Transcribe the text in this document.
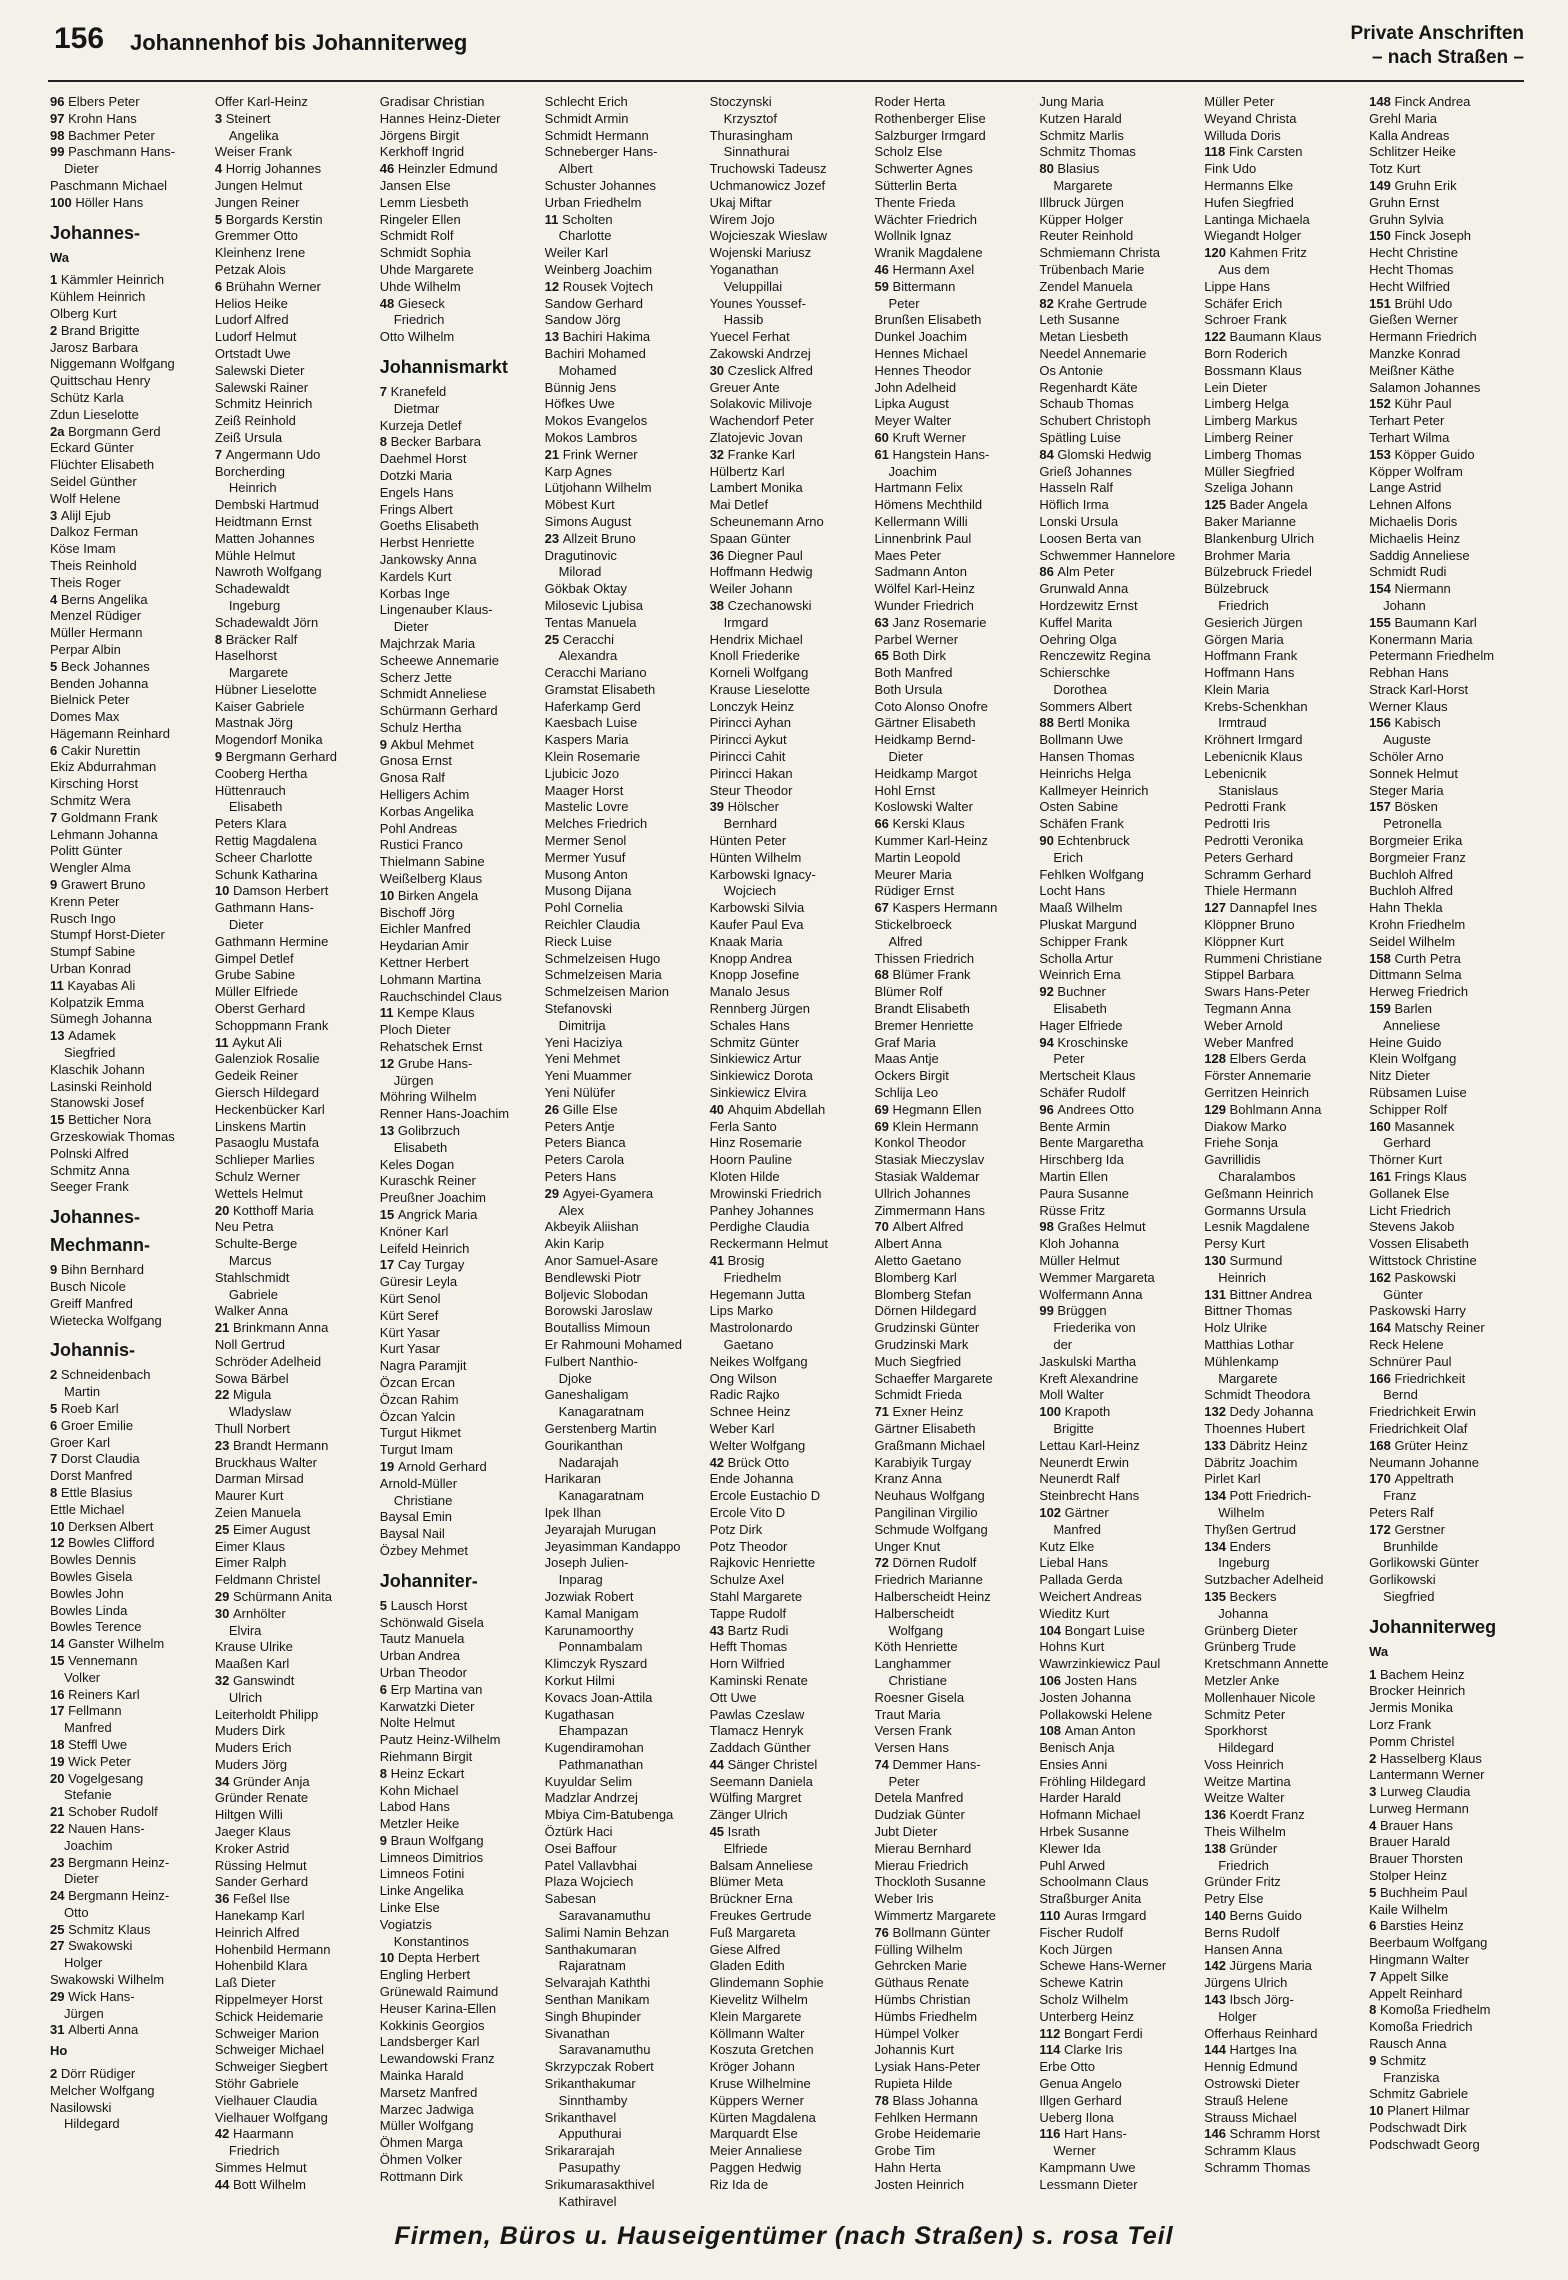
156 Johannenhof bis Johanniterweg	Private Anschriften
– nach Straßen –
96 Elbers Peter
97 Krohn Hans
98 Bachmer Peter
99 Paschmann Hans-
Dieter
Paschmann Michael
100 Höller Hans
Johannes-
Wa
1 Kämmler Heinrich
Kühlem Heinrich
Olberg Kurt
2 Brand Brigitte
Jarosz Barbara
Niggemann Wolfgang
Quittschau Henry
Schütz Karla
Zdun Lieselotte
2a Borgmann Gerd
Eckard Günter
Flüchter Elisabeth
Seidel Günther
Wolf Helene
3 Alijl Ejub
Dalkoz Ferman
Köse Imam
Theis Reinhold
Theis Roger
4 Berns Angelika
Menzel Rüdiger
Müller Hermann
Perpar Albin
5 Beck Johannes
Benden Johanna
Bielnick Peter
Domes Max
Hägemann Reinhard
6 Cakir Nurettin
Ekiz Abdurrahman
Kirsching Horst
Schmitz Wera
7 Goldmann Frank
Lehmann Johanna
Politt Günter
Wengler Alma
9 Grawert Bruno
Krenn Peter
Rusch Ingo
Stumpf Horst-Dieter
Stumpf Sabine
Urban Konrad
11 Kayabas Ali
Kolpatzik Emma
Sümegh Johanna
13 Adamek
Siegfried
Klaschik Johann
Lasinski Reinhold
Stanowski Josef
15 Betticher Nora
Grzeskowiak Thomas
Polnski Alfred
Schmitz Anna
Seeger Frank
Johannes-
Mechmann-
9 Bihn Bernhard
Busch Nicole
Greiff Manfred
Wietecka Wolfgang
Johannis-
2 Schneidenbach
Martin
5 Roeb Karl
6 Groer Emilie
Groer Karl
7 Dorst Claudia
Dorst Manfred
8 Ettle Blasius
Ettle Michael
10 Derksen Albert
12 Bowles Clifford
Bowles Dennis
Bowles Gisela
Bowles John
Bowles Linda
Bowles Terence
14 Ganster Wilhelm
15 Vennemann
Volker
16 Reiners Karl
17 Fellmann
Manfred
18 Steffl Uwe
19 Wick Peter
20 Vogelgesang
Stefanie
21 Schober Rudolf
22 Nauen Hans-
Joachim
23 Bergmann Heinz-
Dieter
24 Bergmann Heinz-
Otto
25 Schmitz Klaus
27 Swakowski
Holger
Swakowski Wilhelm
29 Wick Hans-
Jürgen
31 Alberti Anna
Ho
2 Dörr Rüdiger
Melcher Wolfgang
Nasilowski
Hildegard
Offer Karl-Heinz
3 Steinert
Angelika
Weiser Frank
4 Horrig Johannes
Jungen Helmut
Jungen Reiner
5 Borgards Kerstin
Gremmer Otto
Kleinhenz Irene
Petzak Alois
6 Brühahn Werner
Helios Heike
Ludorf Alfred
Ludorf Helmut
Ortstadt Uwe
Salewski Dieter
Salewski Rainer
Schmitz Heinrich
Zeiß Reinhold
Zeiß Ursula
7 Angermann Udo
Borcherding
Heinrich
Dembski Hartmud
Heidtmann Ernst
Matten Johannes
Mühle Helmut
Nawroth Wolfgang
Schadewaldt
Ingeburg
Schadewaldt Jörn
8 Bräcker Ralf
Haselhorst
Margarete
Hübner Lieselotte
Kaiser Gabriele
Mastnak Jörg
Mogendorf Monika
9 Bergmann Gerhard
Cooberg Hertha
Hüttenrauch
Elisabeth
Peters Klara
Rettig Magdalena
Scheer Charlotte
Schunk Katharina
10 Damson Herbert
Gathmann Hans-
Dieter
Gathmann Hermine
Gimpel Detlef
Grube Sabine
Müller Elfriede
Oberst Gerhard
Schoppmann Frank
11 Aykut Ali
Galenziok Rosalie
Gedeik Reiner
Giersch Hildegard
Heckenbücker Karl
Linskens Martin
Pasaoglu Mustafa
Schlieper Marlies
Schulz Werner
Wettels Helmut
20 Kotthoff Maria
Neu Petra
Schulte-Berge
Marcus
Stahlschmidt
Gabriele
Walker Anna
21 Brinkmann Anna
Noll Gertrud
Schröder Adelheid
Sowa Bärbel
22 Migula
Wladyslaw
Thull Norbert
23 Brandt Hermann
Bruckhaus Walter
Darman Mirsad
Maurer Kurt
Zeien Manuela
25 Eimer August
Eimer Klaus
Eimer Ralph
Feldmann Christel
29 Schürmann Anita
30 Arnhölter
Elvira
Krause Ulrike
Maaßen Karl
32 Ganswindt
Ulrich
Leiterholdt Philipp
Muders Dirk
Muders Erich
Muders Jörg
34 Gründer Anja
Gründer Renate
Hiltgen Willi
Jaeger Klaus
Kroker Astrid
Rüssing Helmut
Sander Gerhard
36 Feßel Ilse
Hanekamp Karl
Heinrich Alfred
Hohenbild Hermann
Hohenbild Klara
Laß Dieter
Rippelmeyer Horst
Schick Heidemarie
Schweiger Marion
Schweiger Michael
Schweiger Siegbert
Stöhr Gabriele
Vielhauer Claudia
Vielhauer Wolfgang
42 Haarmann
Friedrich
Simmes Helmut
44 Bott Wilhelm
Gradisar Christian
Hannes Heinz-Dieter
Jörgens Birgit
Kerkhoff Ingrid
46 Heinzler Edmund
Jansen Else
Lemm Liesbeth
Ringeler Ellen
Schmidt Rolf
Schmidt Sophia
Uhde Margarete
Uhde Wilhelm
48 Gieseck
Friedrich
Otto Wilhelm
Johannismarkt
7 Kranefeld
Dietmar
Kurzeja Detlef
8 Becker Barbara
Daehmel Horst
Dotzki Maria
Engels Hans
Frings Albert
Goeths Elisabeth
Herbst Henriette
Jankowsky Anna
Kardels Kurt
Korbas Inge
Lingenauber Klaus-
Dieter
Majchrzak Maria
Scheewe Annemarie
Scherz Jette
Schmidt Anneliese
Schürmann Gerhard
Schulz Hertha
9 Akbul Mehmet
Gnosa Ernst
Gnosa Ralf
Helligers Achim
Korbas Angelika
Pohl Andreas
Rustici Franco
Thielmann Sabine
Weißelberg Klaus
10 Birken Angela
Bischoff Jörg
Eichler Manfred
Heydarian Amir
Kettner Herbert
Lohmann Martina
Rauchschindel Claus
11 Kempe Klaus
Ploch Dieter
Rehatschek Ernst
12 Grube Hans-
Jürgen
Möhring Wilhelm
Renner Hans-Joachim
13 Golibrzuch
Elisabeth
Keles Dogan
Kuraschk Reiner
Preußner Joachim
15 Angrick Maria
Knöner Karl
Leifeld Heinrich
17 Cay Turgay
Güresir Leyla
Kürt Senol
Kürt Seref
Kürt Yasar
Kurt Yasar
Nagra Paramjit
Özcan Ercan
Özcan Rahim
Özcan Yalcin
Turgut Hikmet
Turgut Imam
19 Arnold Gerhard
Arnold-Müller
Christiane
Baysal Emin
Baysal Nail
Özbey Mehmet
Johanniter-
5 Lausch Horst
Schönwald Gisela
Tautz Manuela
Urban Andrea
Urban Theodor
6 Erp Martina van
Karwatzki Dieter
Nolte Helmut
Pautz Heinz-Wilhelm
Riehmann Birgit
8 Heinz Eckart
Kohn Michael
Labod Hans
Metzler Heike
9 Braun Wolfgang
Limneos Dimitrios
Limneos Fotini
Linke Angelika
Linke Else
Vogiatzis
Konstantinos
10 Depta Herbert
Engling Herbert
Grünewald Raimund
Heuser Karina-Ellen
Kokkinis Georgios
Landsberger Karl
Lewandowski Franz
Mainka Harald
Marsetz Manfred
Marzec Jadwiga
Müller Wolfgang
Öhmen Marga
Öhmen Volker
Rottmann Dirk
Schlecht Erich
Schmidt Armin
Schmidt Hermann
Schneberger Hans-
Albert
Schuster Johannes
Urban Friedhelm
11 Scholten
Charlotte
Weiler Karl
Weinberg Joachim
12 Rousek Vojtech
Sandow Gerhard
Sandow Jörg
13 Bachiri Hakima
Bachiri Mohamed
Mohamed
Bünnig Jens
Höfkes Uwe
Mokos Evangelos
Mokos Lambros
21 Frink Werner
Karp Agnes
Lütjohann Wilhelm
Möbest Kurt
Simons August
23 Allzeit Bruno
Dragutinovic
Milorad
Gökbak Oktay
Milosevic Ljubisa
Tentas Manuela
25 Ceracchi
Alexandra
Ceracchi Mariano
Gramstat Elisabeth
Haferkamp Gerd
Kaesbach Luise
Kaspers Maria
Klein Rosemarie
Ljubicic Jozo
Maager Horst
Mastelic Lovre
Melches Friedrich
Mermer Senol
Mermer Yusuf
Musong Anton
Musong Dijana
Pohl Cornelia
Reichler Claudia
Rieck Luise
Schmelzeisen Hugo
Schmelzeisen Maria
Schmelzeisen Marion
Stefanovski
Dimitrija
Yeni Haciziya
Yeni Mehmet
Yeni Muammer
Yeni Nülüfer
26 Gille Else
Peters Antje
Peters Bianca
Peters Carola
Peters Hans
29 Agyei-Gyamera
Alex
Akbeyik Aliishan
Akin Karip
Anor Samuel-Asare
Bendlewski Piotr
Boljevic Slobodan
Borowski Jaroslaw
Boutalliss Mimoun
Er Rahmouni Mohamed
Fulbert Nanthio-
Djoke
Ganeshaligam
Kanagaratnam
Gerstenberg Martin
Gourikanthan
Nadarajah
Harikaran
Kanagaratnam
Ipek Ilhan
Jeyarajah Murugan
Jeyasimman Kandappo
Joseph Julien-
Inparag
Jozwiak Robert
Kamal Manigam
Karunamoorthy
Ponnambalam
Klimczyk Ryszard
Korkut Hilmi
Kovacs Joan-Attila
Kugathasan
Ehampazan
Kugendiramohan
Pathmanathan
Kuyuldar Selim
Madzlar Andrzej
Mbiya Cim-Batubenga
Öztürk Haci
Osei Baffour
Patel Vallavbhai
Plaza Wojciech
Sabesan
Saravanamuthu
Salimi Namin Behzan
Santhakumaran
Rajaratnam
Selvarajah Kaththi
Senthan Manikam
Singh Bhupinder
Sivanathan
Saravanamuthu
Skrzypczak Robert
Srikanthakumar
Sinnthamby
Srikanthavel
Apputhurai
Srikararajah
Pasupathy
Srikumarasakthivel
Kathiravel
Stoczynski
Krzysztof
Thurasingham
Sinnathurai
Truchowski Tadeusz
Uchmanowicz Jozef
Ukaj Miftar
Wirem Jojo
Wojcieszak Wieslaw
Wojenski Mariusz
Yoganathan
Veluppillai
Younes Youssef-
Hassib
Yuecel Ferhat
Zakowski Andrzej
30 Czeslick Alfred
Greuer Ante
Solakovic Milivoje
Wachendorf Peter
Zlatojevic Jovan
32 Franke Karl
Hülbertz Karl
Lambert Monika
Mai Detlef
Scheunemann Arno
Spaan Günter
36 Diegner Paul
Hoffmann Hedwig
Weiler Johann
38 Czechanowski
Irmgard
Hendrix Michael
Knoll Friederike
Korneli Wolfgang
Krause Lieselotte
Lonczyk Heinz
Pirincci Ayhan
Pirincci Aykut
Pirincci Cahit
Pirincci Hakan
Steur Theodor
39 Hölscher
Bernhard
Hünten Peter
Hünten Wilhelm
Karbowski Ignacy-
Wojciech
Karbowski Silvia
Kaufer Paul Eva
Knaak Maria
Knopp Andrea
Knopp Josefine
Manalo Jesus
Rennberg Jürgen
Schales Hans
Schmitz Günter
Sinkiewicz Artur
Sinkiewicz Dorota
Sinkiewicz Elvira
40 Ahquim Abdellah
Ferla Santo
Hinz Rosemarie
Hoorn Pauline
Kloten Hilde
Mrowinski Friedrich
Panhey Johannes
Perdighe Claudia
Reckermann Helmut
41 Brosig
Friedhelm
Hegemann Jutta
Lips Marko
Mastrolonardo
Gaetano
Neikes Wolfgang
Ong Wilson
Radic Rajko
Schnee Heinz
Weber Karl
Welter Wolfgang
42 Brück Otto
Ende Johanna
Ercole Eustachio D
Ercole Vito D
Potz Dirk
Potz Theodor
Rajkovic Henriette
Schulze Axel
Stahl Margarete
Tappe Rudolf
43 Bartz Rudi
Hefft Thomas
Horn Wilfried
Kaminski Renate
Ott Uwe
Pawlas Czeslaw
Tlamacz Henryk
Zaddach Günther
44 Sänger Christel
Seemann Daniela
Wülfing Margret
Zänger Ulrich
45 Israth
Elfriede
Balsam Anneliese
Blümer Meta
Brückner Erna
Freukes Gertrude
Fuß Margareta
Giese Alfred
Gladen Edith
Glindemann Sophie
Kievelitz Wilhelm
Klein Margarete
Köllmann Walter
Koszuta Gretchen
Kröger Johann
Kruse Wilhelmine
Küppers Werner
Kürten Magdalena
Marquardt Else
Meier Annaliese
Paggen Hedwig
Riz Ida de
Roder Herta
Rothenberger Elise
Salzburger Irmgard
Scholz Else
Schwerter Agnes
Sütterlin Berta
Thente Frieda
Wächter Friedrich
Wollnik Ignaz
Wranik Magdalene
46 Hermann Axel
59 Bittermann
Peter
Brunßen Elisabeth
Dunkel Joachim
Hennes Michael
Hennes Theodor
John Adelheid
Lipka August
Meyer Walter
60 Kruft Werner
61 Hangstein Hans-
Joachim
Hartmann Felix
Hömens Mechthild
Kellermann Willi
Linnenbrink Paul
Maes Peter
Sadmann Anton
Wölfel Karl-Heinz
Wunder Friedrich
63 Janz Rosemarie
Parbel Werner
65 Both Dirk
Both Manfred
Both Ursula
Coto Alonso Onofre
Gärtner Elisabeth
Heidkamp Bernd-
Dieter
Heidkamp Margot
Hohl Ernst
Koslowski Walter
66 Kerski Klaus
Kummer Karl-Heinz
Martin Leopold
Meurer Maria
Rüdiger Ernst
67 Kaspers Hermann
Stickelbroeck
Alfred
Thissen Friedrich
68 Blümer Frank
Blümer Rolf
Brandt Elisabeth
Bremer Henriette
Graf Maria
Maas Antje
Ockers Birgit
Schlija Leo
69 Hegmann Ellen
69 Klein Hermann
Konkol Theodor
Stasiak Mieczyslav
Stasiak Waldemar
Ullrich Johannes
Zimmermann Hans
70 Albert Alfred
Albert Anna
Aletto Gaetano
Blomberg Karl
Blomberg Stefan
Dörnen Hildegard
Grudzinski Günter
Grudzinski Mark
Much Siegfried
Schaeffer Margarete
Schmidt Frieda
71 Exner Heinz
Gärtner Elisabeth
Graßmann Michael
Karabiyik Turgay
Kranz Anna
Neuhaus Wolfgang
Pangilinan Virgilio
Schmude Wolfgang
Unger Knut
72 Dörnen Rudolf
Friedrich Marianne
Halberscheidt Heinz
Halberscheidt
Wolfgang
Köth Henriette
Langhammer
Christiane
Roesner Gisela
Traut Maria
Versen Frank
Versen Hans
74 Demmer Hans-
Peter
Detela Manfred
Dudziak Günter
Jubt Dieter
Mierau Bernhard
Mierau Friedrich
Thockloth Susanne
Weber Iris
Wimmertz Margarete
76 Bollmann Günter
Fülling Wilhelm
Gehrcken Marie
Güthaus Renate
Hümbs Christian
Hümbs Friedhelm
Hümpel Volker
Johannis Kurt
Lysiak Hans-Peter
Rupieta Hilde
78 Blass Johanna
Fehlken Hermann
Grobe Heidemarie
Grobe Tim
Hahn Herta
Josten Heinrich
Jung Maria
Kutzen Harald
Schmitz Marlis
Schmitz Thomas
80 Blasius
Margarete
Illbruck Jürgen
Küpper Holger
Reuter Reinhold
Schmiemann Christa
Trübenbach Marie
Zendel Manuela
82 Krahe Gertrude
Leth Susanne
Metan Liesbeth
Needel Annemarie
Os Antonie
Regenhardt Käte
Schaub Thomas
Schubert Christoph
Spätling Luise
84 Glomski Hedwig
Grieß Johannes
Hasseln Ralf
Höflich Irma
Lonski Ursula
Loosen Berta van
Schwemmer Hannelore
86 Alm Peter
Grunwald Anna
Hordzewitz Ernst
Kuffel Marita
Oehring Olga
Renczewitz Regina
Schierschke
Dorothea
Sommers Albert
88 Bertl Monika
Bollmann Uwe
Hansen Thomas
Heinrichs Helga
Kallmeyer Heinrich
Osten Sabine
Schäfen Frank
90 Echtenbruck
Erich
Fehlken Wolfgang
Locht Hans
Maaß Wilhelm
Pluskat Margund
Schipper Frank
Scholla Artur
Weinrich Erna
92 Buchner
Elisabeth
Hager Elfriede
94 Kroschinske
Peter
Mertscheit Klaus
Schäfer Rudolf
96 Andrees Otto
Bente Armin
Bente Margaretha
Hirschberg Ida
Martin Ellen
Paura Susanne
Rüsse Fritz
98 Graßes Helmut
Kloh Johanna
Müller Helmut
Wemmer Margareta
Wolfermann Anna
99 Brüggen
Friederika von
der
Jaskulski Martha
Kreft Alexandrine
Moll Walter
100 Krapoth
Brigitte
Lettau Karl-Heinz
Neunerdt Erwin
Neunerdt Ralf
Steinbrecht Hans
102 Gärtner
Manfred
Kutz Elke
Liebal Hans
Pallada Gerda
Weichert Andreas
Wieditz Kurt
104 Bongart Luise
Hohns Kurt
Wawrzinkiewicz Paul
106 Josten Hans
Josten Johanna
Pollakowski Helene
108 Aman Anton
Benisch Anja
Ensies Anni
Fröhling Hildegard
Harder Harald
Hofmann Michael
Hrbek Susanne
Klewer Ida
Puhl Arwed
Schoolmann Claus
Straßburger Anita
110 Auras Irmgard
Fischer Rudolf
Koch Jürgen
Schewe Hans-Werner
Schewe Katrin
Scholz Wilhelm
Unterberg Heinz
112 Bongart Ferdi
114 Clarke Iris
Erbe Otto
Genua Angelo
Illgen Gerhard
Ueberg Ilona
116 Hart Hans-
Werner
Kampmann Uwe
Lessmann Dieter
Müller Peter
Weyand Christa
Willuda Doris
118 Fink Carsten
Fink Udo
Hermanns Elke
Hufen Siegfried
Lantinga Michaela
Wiegandt Holger
120 Kahmen Fritz
Aus dem
Lippe Hans
Schäfer Erich
Schroer Frank
122 Baumann Klaus
Born Roderich
Bossmann Klaus
Lein Dieter
Limberg Helga
Limberg Markus
Limberg Reiner
Limberg Thomas
Müller Siegfried
Szeliga Johann
125 Bader Angela
Baker Marianne
Blankenburg Ulrich
Brohmer Maria
Bülzebruck Friedel
Bülzebruck
Friedrich
Gesierich Jürgen
Görgen Maria
Hoffmann Frank
Hoffmann Hans
Klein Maria
Krebs-Schenkhan
Irmtraud
Kröhnert Irmgard
Lebenicnik Klaus
Lebenicnik
Stanislaus
Pedrotti Frank
Pedrotti Iris
Pedrotti Veronika
Peters Gerhard
Schramm Gerhard
Thiele Hermann
127 Dannapfel Ines
Klöppner Bruno
Klöppner Kurt
Rummeni Christiane
Stippel Barbara
Swars Hans-Peter
Tegmann Anna
Weber Arnold
Weber Manfred
128 Elbers Gerda
Förster Annemarie
Gerritzen Heinrich
129 Bohlmann Anna
Diakow Marko
Friehe Sonja
Gavrillidis
Charalambos
Geßmann Heinrich
Gormanns Ursula
Lesnik Magdalene
Persy Kurt
130 Surmund
Heinrich
131 Bittner Andrea
Bittner Thomas
Holz Ulrike
Matthias Lothar
Mühlenkamp
Margarete
Schmidt Theodora
132 Dedy Johanna
Thoennes Hubert
133 Däbritz Heinz
Däbritz Joachim
Pirlet Karl
134 Pott Friedrich-
Wilhelm
Thyßen Gertrud
134 Enders
Ingeburg
Sutzbacher Adelheid
135 Beckers
Johanna
Grünberg Dieter
Grünberg Trude
Kretschmann Annette
Metzler Anke
Mollenhauer Nicole
Schmitz Peter
Sporkhorst
Hildegard
Voss Heinrich
Weitze Martina
Weitze Walter
136 Koerdt Franz
Theis Wilhelm
138 Gründer
Friedrich
Gründer Fritz
Petry Else
140 Berns Guido
Berns Rudolf
Hansen Anna
142 Jürgens Maria
Jürgens Ulrich
143 Ibsch Jörg-
Holger
Offerhaus Reinhard
144 Hartges Ina
Hennig Edmund
Ostrowski Dieter
Strauß Helene
Strauss Michael
146 Schramm Horst
Schramm Klaus
Schramm Thomas
148 Finck Andrea
Grehl Maria
Kalla Andreas
Schlitzer Heike
Totz Kurt
149 Gruhn Erik
Gruhn Ernst
Gruhn Sylvia
150 Finck Joseph
Hecht Christine
Hecht Thomas
Hecht Wilfried
151 Brühl Udo
Gießen Werner
Hermann Friedrich
Manzke Konrad
Meißner Käthe
Salamon Johannes
152 Kühr Paul
Terhart Peter
Terhart Wilma
153 Köpper Guido
Köpper Wolfram
Lange Astrid
Lehnen Alfons
Michaelis Doris
Michaelis Heinz
Saddig Anneliese
Schmidt Rudi
154 Niermann
Johann
155 Baumann Karl
Konermann Maria
Petermann Friedhelm
Rebhan Hans
Strack Karl-Horst
Werner Klaus
156 Kabisch
Auguste
Schöler Arno
Sonnek Helmut
Steger Maria
157 Bösken
Petronella
Borgmeier Erika
Borgmeier Franz
Buchloh Alfred
Buchloh Alfred
Hahn Thekla
Krohn Friedhelm
Seidel Wilhelm
158 Curth Petra
Dittmann Selma
Herweg Friedrich
159 Barlen
Anneliese
Heine Guido
Klein Wolfgang
Nitz Dieter
Rübsamen Luise
Schipper Rolf
160 Masannek
Gerhard
Thörner Kurt
161 Frings Klaus
Gollanek Else
Licht Friedrich
Stevens Jakob
Vossen Elisabeth
Wittstock Christine
162 Paskowski
Günter
Paskowski Harry
164 Matschy Reiner
Reck Helene
Schnürer Paul
166 Friedrichkeit
Bernd
Friedrichkeit Erwin
Friedrichkeit Olaf
168 Grüter Heinz
Neumann Johanne
170 Appeltrath
Franz
Peters Ralf
172 Gerstner
Brunhilde
Gorlikowski Günter
Gorlikowski
Siegfried
Johanniterweg
Wa
1 Bachem Heinz
Brocker Heinrich
Jermis Monika
Lorz Frank
Pomm Christel
2 Hasselberg Klaus
Lantermann Werner
3 Lurweg Claudia
Lurweg Hermann
4 Brauer Hans
Brauer Harald
Brauer Thorsten
Stolper Heinz
5 Buchheim Paul
Kaile Wilhelm
6 Barsties Heinz
Beerbaum Wolfgang
Hingmann Walter
7 Appelt Silke
Appelt Reinhard
8 Komoßa Friedhelm
Komoßa Friedrich
Rausch Anna
9 Schmitz
Franziska
Schmitz Gabriele
10 Planert Hilmar
Podschwadt Dirk
Podschwadt Georg
Firmen, Büros u. Hauseigentümer (nach Straßen) s. rosa Teil
